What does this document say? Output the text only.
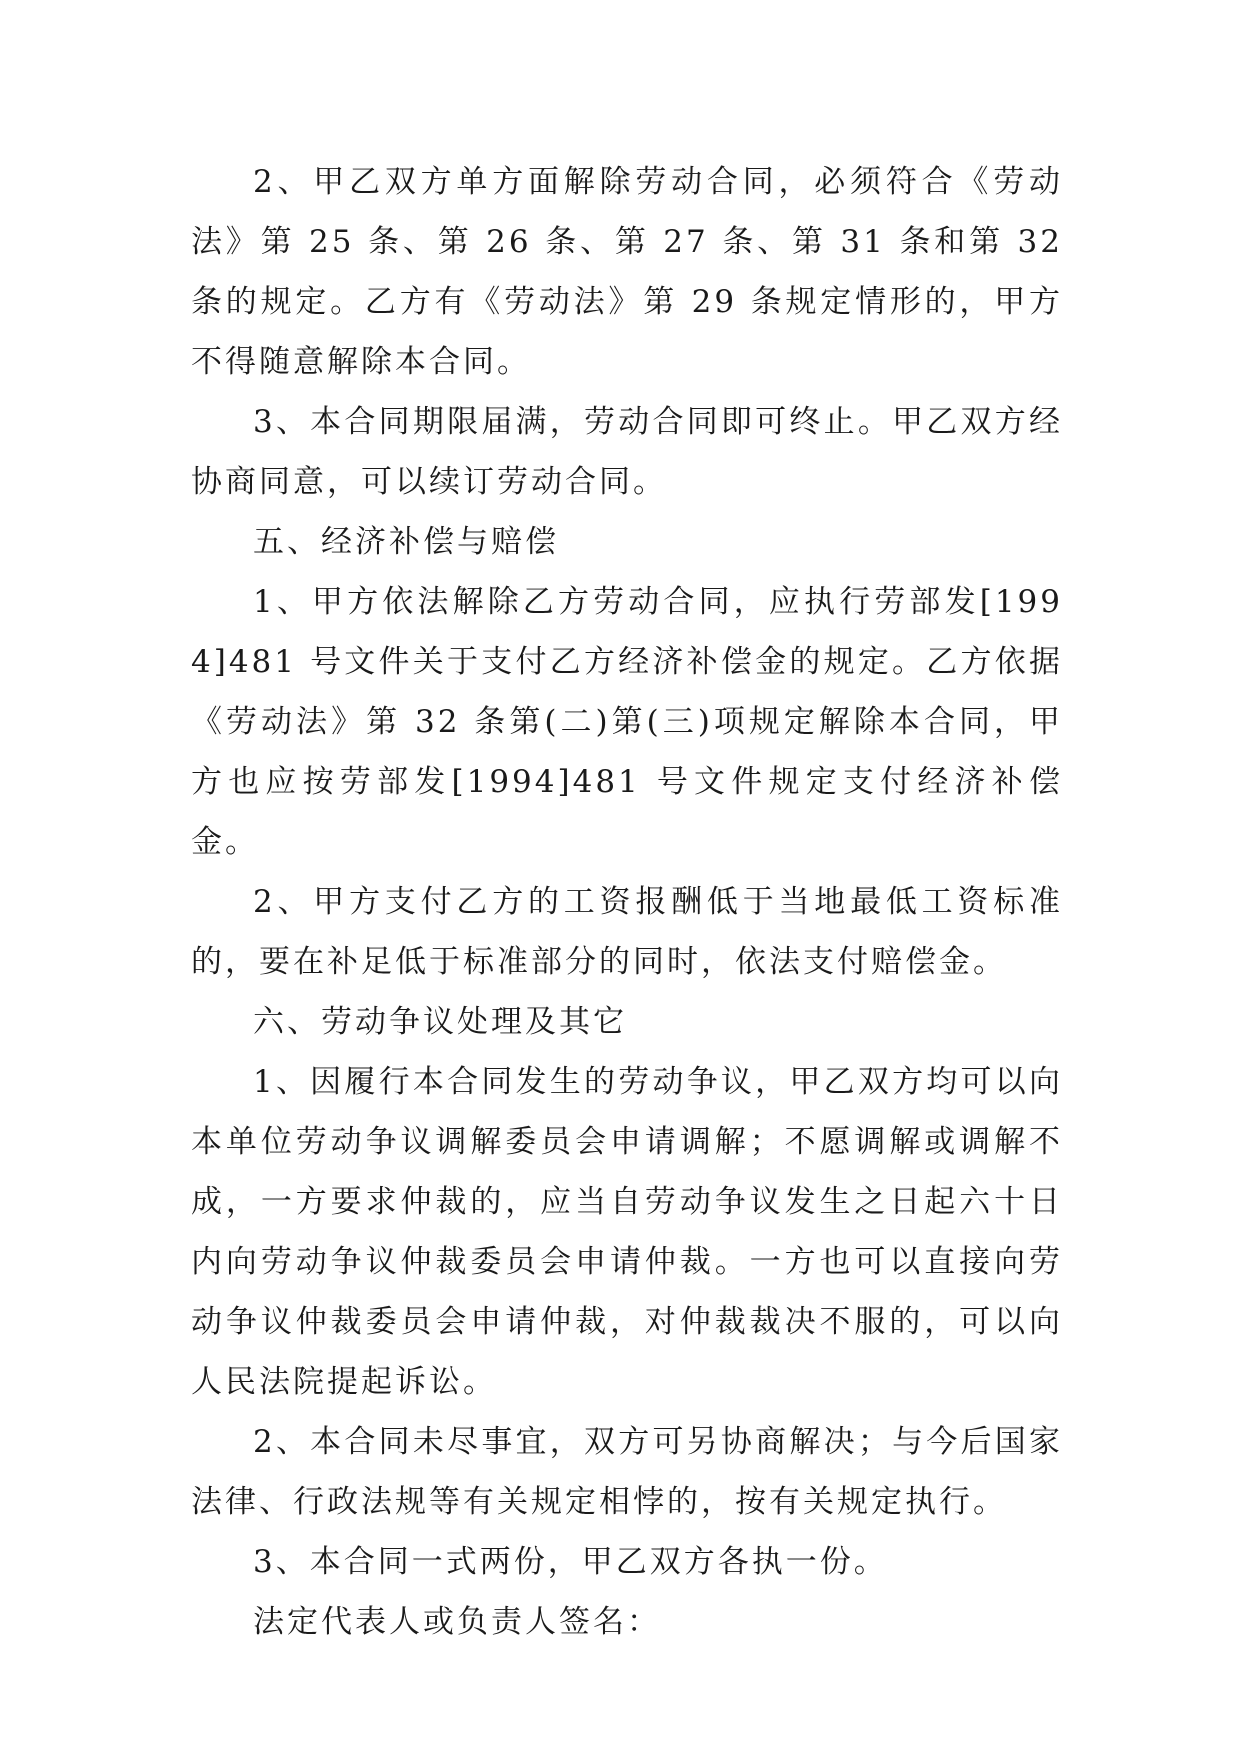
2、甲乙双方单方面解除劳动合同，必须符合《劳动法》第 25 条、第 26 条、第 27 条、第 31 条和第 32 条的规定。乙方有《劳动法》第 29 条规定情形的，甲方不得随意解除本合同。

3、本合同期限届满，劳动合同即可终止。甲乙双方经协商同意，可以续订劳动合同。

五、经济补偿与赔偿

1、甲方依法解除乙方劳动合同，应执行劳部发[1994]481 号文件关于支付乙方经济补偿金的规定。乙方依据《劳动法》第 32 条第(二)第(三)项规定解除本合同，甲方也应按劳部发[1994]481 号文件规定支付经济补偿金。

2、甲方支付乙方的工资报酬低于当地最低工资标准的，要在补足低于标准部分的同时，依法支付赔偿金。

六、劳动争议处理及其它

1、因履行本合同发生的劳动争议，甲乙双方均可以向本单位劳动争议调解委员会申请调解；不愿调解或调解不成，一方要求仲裁的，应当自劳动争议发生之日起六十日内向劳动争议仲裁委员会申请仲裁。一方也可以直接向劳动争议仲裁委员会申请仲裁，对仲裁裁决不服的，可以向人民法院提起诉讼。

2、本合同未尽事宜，双方可另协商解决；与今后国家法律、行政法规等有关规定相悖的，按有关规定执行。

3、本合同一式两份，甲乙双方各执一份。

法定代表人或负责人签名：
